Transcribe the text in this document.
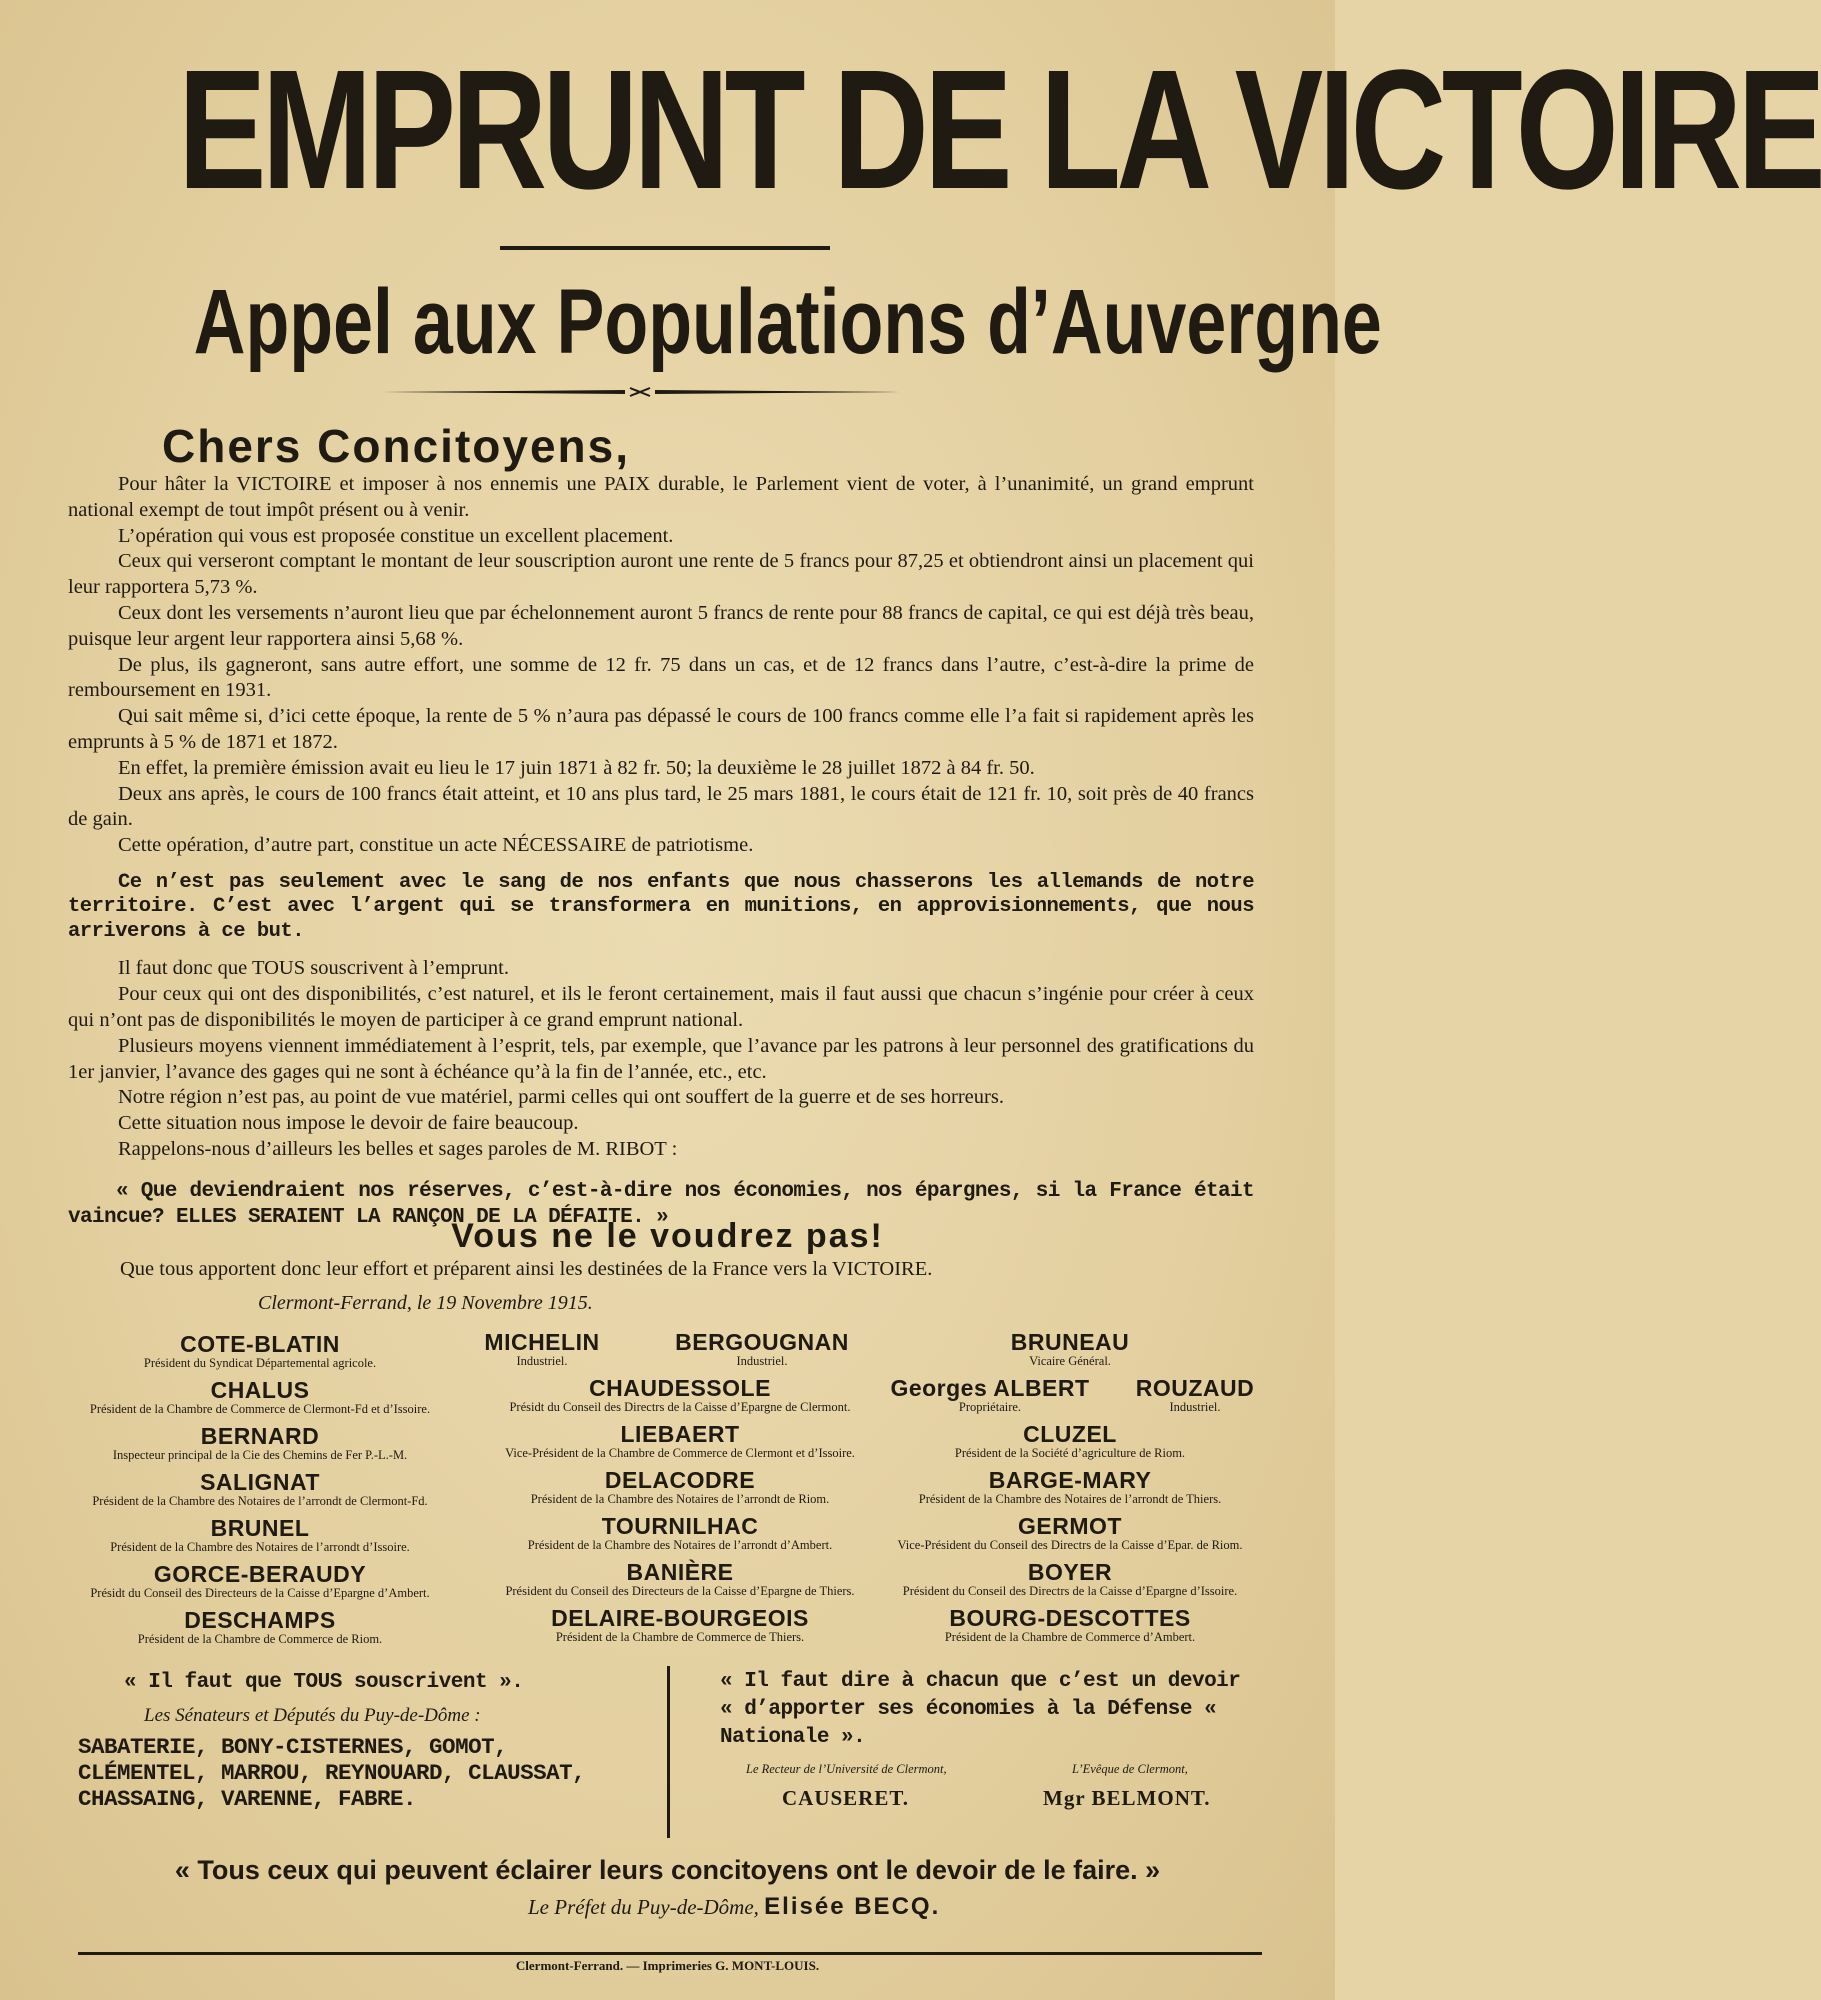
EMPRUNT DE LA VICTOIRE
Appel aux Populations d’Auvergne
Chers Concitoyens,

Pour hâter la VICTOIRE et imposer à nos ennemis une PAIX durable, le Parlement vient de voter, à l’unanimité, un grand emprunt national exempt de tout impôt présent ou à venir.

L’opération qui vous est proposée constitue un excellent placement.

Ceux qui verseront comptant le montant de leur souscription auront une rente de 5 francs pour 87,25 et obtiendront ainsi un placement qui leur rapportera 5,73 %.

Ceux dont les versements n’auront lieu que par échelonnement auront 5 francs de rente pour 88 francs de capital, ce qui est déjà très beau, puisque leur argent leur rapportera ainsi 5,68 %.

De plus, ils gagneront, sans autre effort, une somme de 12 fr. 75 dans un cas, et de 12 francs dans l’autre, c’est-à-dire la prime de remboursement en 1931.

Qui sait même si, d’ici cette époque, la rente de 5 % n’aura pas dépassé le cours de 100 francs comme elle l’a fait si rapidement après les emprunts à 5 % de 1871 et 1872.

En effet, la première émission avait eu lieu le 17 juin 1871 à 82 fr. 50; la deuxième le 28 juillet 1872 à 84 fr. 50.

Deux ans après, le cours de 100 francs était atteint, et 10 ans plus tard, le 25 mars 1881, le cours était de 121 fr. 10, soit près de 40 francs de gain.

Cette opération, d’autre part, constitue un acte NÉCESSAIRE de patriotisme.

Ce n’est pas seulement avec le sang de nos enfants que nous chasserons les allemands de notre territoire. C’est avec l’argent qui se transformera en munitions, en approvisionnements, que nous arriverons à ce but.

Il faut donc que TOUS souscrivent à l’emprunt.

Pour ceux qui ont des disponibilités, c’est naturel, et ils le feront certainement, mais il faut aussi que chacun s’ingénie pour créer à ceux qui n’ont pas de disponibilités le moyen de participer à ce grand emprunt national.

Plusieurs moyens viennent immédiatement à l’esprit, tels, par exemple, que l’avance par les patrons à leur personnel des gratifications du 1er janvier, l’avance des gages qui ne sont à échéance qu’à la fin de l’année, etc., etc.

Notre région n’est pas, au point de vue matériel, parmi celles qui ont souffert de la guerre et de ses horreurs.

Cette situation nous impose le devoir de faire beaucoup.

Rappelons-nous d’ailleurs les belles et sages paroles de M. RIBOT :

« Que deviendraient nos réserves, c’est-à-dire nos économies, nos épargnes, si la France était vaincue? ELLES SERAIENT LA RANÇON DE LA DÉFAITE. »

Vous ne le voudrez pas!
Que tous apportent donc leur effort et préparent ainsi les destinées de la France vers la VICTOIRE.
Clermont-Ferrand, le 19 Novembre 1915.
COTE-BLATIN
Président du Syndicat Départemental agricole.
MICHELIN
Industriel.
BERGOUGNAN
Industriel.
BRUNEAU
Vicaire Général.
CHALUS
Président de la Chambre de Commerce de Clermont-Fd et d’Issoire.
CHAUDESSOLE
Présidt du Conseil des Directrs de la Caisse d’Epargne de Clermont.
Georges ALBERT
Propriétaire.
ROUZAUD
Industriel.
BERNARD
Inspecteur principal de la Cie des Chemins de Fer P.-L.-M.
LIEBAERT
Vice-Président de la Chambre de Commerce de Clermont et d’Issoire.
CLUZEL
Président de la Société d’agriculture de Riom.
SALIGNAT
Président de la Chambre des Notaires de l’arrondt de Clermont-Fd.
DELACODRE
Président de la Chambre des Notaires de l’arrondt de Riom.
BARGE-MARY
Président de la Chambre des Notaires de l’arrondt de Thiers.
BRUNEL
Président de la Chambre des Notaires de l’arrondt d’Issoire.
TOURNILHAC
Président de la Chambre des Notaires de l’arrondt d’Ambert.
GERMOT
Vice-Président du Conseil des Directrs de la Caisse d’Epar. de Riom.
GORCE-BERAUDY
Présidt du Conseil des Directeurs de la Caisse d’Epargne d’Ambert.
BANIÈRE
Président du Conseil des Directeurs de la Caisse d’Epargne de Thiers.
BOYER
Président du Conseil des Directrs de la Caisse d’Epargne d’Issoire.
DESCHAMPS
Président de la Chambre de Commerce de Riom.
DELAIRE-BOURGEOIS
Président de la Chambre de Commerce de Thiers.
BOURG-DESCOTTES
Président de la Chambre de Commerce d’Ambert.
« Il faut que TOUS souscrivent ».
Les Sénateurs et Députés du Puy-de-Dôme :
SABATERIE, BONY-CISTERNES, GOMOT, CLÉMENTEL, MARROU, REYNOUARD, CLAUSSAT, CHASSAING, VARENNE, FABRE.
« Il faut dire à chacun que c’est un devoir « d’apporter ses économies à la Défense « Nationale ».
Le Recteur de l’Université de Clermont,
CAUSERET.
L’Evêque de Clermont,
Mgr BELMONT.
« Tous ceux qui peuvent éclairer leurs concitoyens ont le devoir de le faire. »
Le Préfet du Puy-de-Dôme, Elisée BECQ.
Clermont-Ferrand. — Imprimeries G. MONT-LOUIS.
